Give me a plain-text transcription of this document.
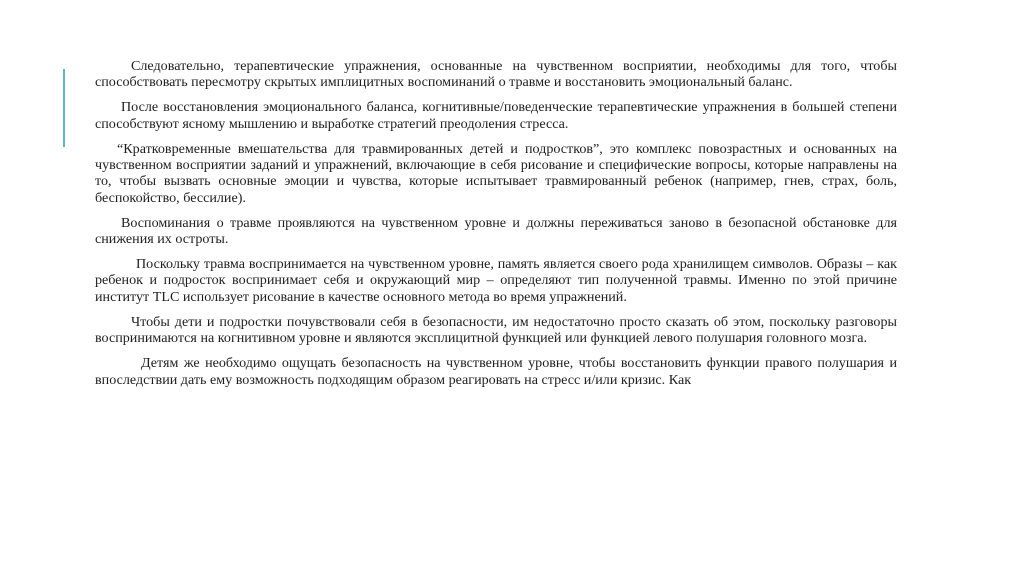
Следовательно, терапевтические упражнения, основанные на чувственном восприятии, необходимы для того, чтобы способствовать пересмотру скрытых имплицитных воспоминаний о травме и восстановить эмоциональный баланс.

После восстановления эмоционального баланса, когнитивные/поведенческие терапевтические упражнения в большей степени способствуют ясному мышлению и выработке стратегий преодоления стресса.

“Кратковременные вмешательства для травмированных детей и подростков”, это комплекс повозрастных и основанных на чувственном восприятии заданий и упражнений, включающие в себя рисование и специфические вопросы, которые направлены на то, чтобы вызвать основные эмоции и чувства, которые испытывает травмированный ребенок (например, гнев, страх, боль, беспокойство, бессилие).

Воспоминания о травме проявляются на чувственном уровне и должны переживаться заново в безопасной обстановке для снижения их остроты.

Поскольку травма воспринимается на чувственном уровне, память является своего рода хранилищем символов. Образы – как ребенок и подросток воспринимает себя и окружающий мир – определяют тип полученной травмы. Именно по этой причине институт TLC использует рисование в качестве основного метода во время упражнений.

Чтобы дети и подростки почувствовали себя в безопасности, им недостаточно просто сказать об этом, поскольку разговоры воспринимаются на когнитивном уровне и являются эксплицитной функцией или функцией левого полушария головного мозга.

Детям же необходимо ощущать безопасность на чувственном уровне, чтобы восстановить функции правого полушария и впоследствии дать ему возможность подходящим образом реагировать на стресс и/или кризис. Как
